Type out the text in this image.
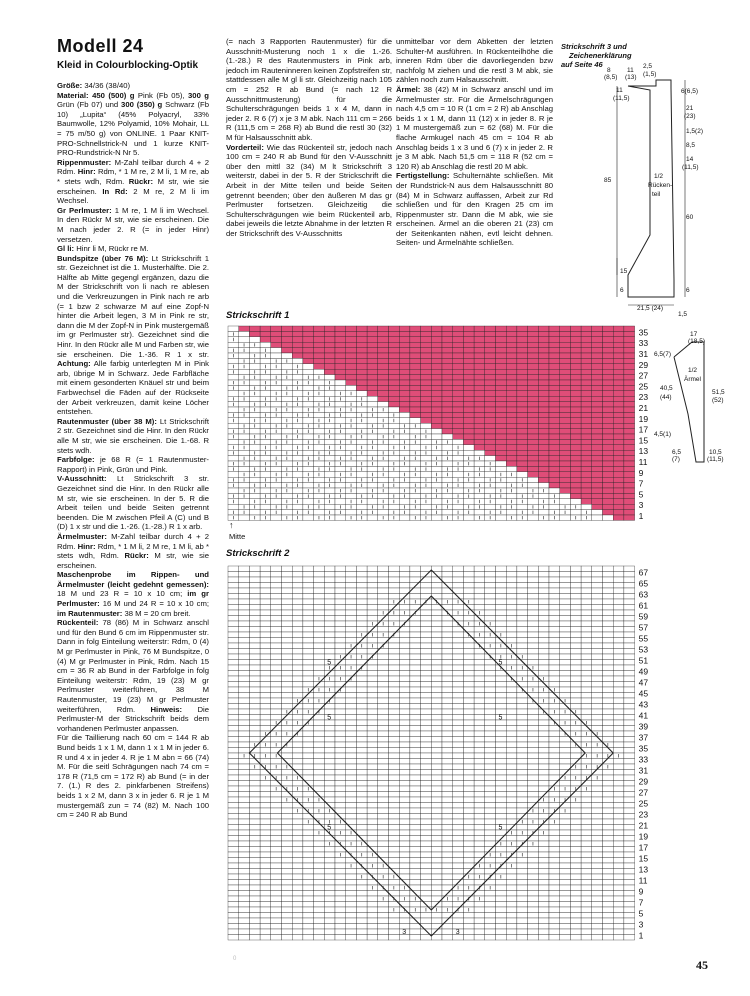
Modell 24
Kleid in Colourblocking-Optik

Größe: 34/36 (38/40)

Material: 450 (500) g Pink (Fb 05), 300 g Grün (Fb 07) und 300 (350) g Schwarz (Fb 10) „Lupita“ (45% Polyacryl, 33% Baumwolle, 12% Polyamid, 10% Mohair, LL = 75 m/50 g) von ONLINE. 1 Paar KNIT-PRO-Schnellstrick-N und 1 kurze KNIT-PRO-Rundstrick-N Nr 5.

Rippenmuster: M-Zahl teilbar durch 4 + 2 Rdm. Hinr: Rdm, * 1 M re, 2 M li, 1 M re, ab * stets wdh, Rdm. Rückr: M str, wie sie erscheinen. In Rd: 2 M re, 2 M li im Wechsel.

Gr Perlmuster: 1 M re, 1 M li im Wechsel. In den Rückr M str, wie sie erscheinen. Die M nach jeder 2. R (= in jeder Hinr) versetzen.

Gl li: Hinr li M, Rückr re M.

Bundspitze (über 76 M): Lt Strickschrift 1 str. Gezeichnet ist die 1. Musterhälfte. Die 2. Hälfte ab Mitte gegengl ergänzen, dazu die M der Strickschrift von li nach re ablesen und die Verkreuzungen in Pink nach re arb (= 1 bzw 2 schwarze M auf eine Zopf-N hinter die Arbeit legen, 3 M in Pink re str, dann die M der Zopf-N in Pink mustergemäß im gr Perlmuster str). Gezeichnet sind die Hinr. In den Rückr alle M und Farben str, wie sie erscheinen. Die 1.-36. R 1 x str. Achtung: Alle farbig unterlegten M in Pink arb, übrige M in Schwarz. Jede Farbfläche mit einem gesonderten Knäuel str und beim Farbwechsel die Fäden auf der Rückseite der Arbeit verkreuzen, damit keine Löcher entstehen.

Rautenmuster (über 38 M): Lt Strickschrift 2 str. Gezeichnet sind die Hinr. In den Rückr alle M str, wie sie erscheinen. Die 1.-68. R stets wdh.

Farbfolge: je 68 R (= 1 Rautenmuster-Rapport) in Pink, Grün und Pink.

V-Ausschnitt: Lt Strickschrift 3 str. Gezeichnet sind die Hinr. In den Rückr alle M str, wie sie erscheinen. In der 5. R die Arbeit teilen und beide Seiten getrennt beenden. Die M zwischen Pfeil A (C) und B (D) 1 x str und die 1.-26. (1.-28.) R 1 x arb.

Ärmelmuster: M-Zahl teilbar durch 4 + 2 Rdm. Hinr: Rdm, * 1 M li, 2 M re, 1 M li, ab * stets wdh, Rdm. Rückr: M str, wie sie erscheinen.

Maschenprobe im Rippen- und Ärmelmuster (leicht gedehnt gemessen): 18 M und 23 R = 10 x 10 cm; im gr Perlmuster: 16 M und 24 R = 10 x 10 cm; im Rautenmuster: 38 M = 20 cm breit.

Rückenteil: 78 (86) M in Schwarz anschl und für den Bund 6 cm im Rippenmuster str. Dann in folg Einteilung weiterstr: Rdm, 0 (4) M gr Perlmuster in Pink, 76 M Bundspitze, 0 (4) M gr Perlmuster in Pink, Rdm. Nach 15 cm = 36 R ab Bund in der Farbfolge in folg Einteilung weiterstr: Rdm, 19 (23) M gr Perlmuster weiterführen, 38 M Rautenmuster, 19 (23) M gr Perlmuster weiterführen, Rdm. Hinweis: Die Perlmuster-M der Strickschrift beids dem vorhandenen Perlmuster anpassen.

Für die Taillierung nach 60 cm = 144 R ab Bund beids 1 x 1 M, dann 1 x 1 M in jeder 6. R und 4 x in jeder 4. R je 1 M abn = 66 (74) M. Für die seitl Schrägungen nach 74 cm = 178 R (71,5 cm = 172 R) ab Bund (= in der 7. (1.) R des 2. pinkfarbenen Streifens) beids 1 x 2 M, dann 3 x in jeder 6. R je 1 M mustergemäß zun = 74 (82) M. Nach 100 cm = 240 R ab Bund

(= nach 3 Rapporten Rautenmuster) für die Ausschnitt-Musterung noch 1 x die 1.-26. (1.-28.) R des Rautenmusters in Pink arb, jedoch im Rauteninneren keinen Zopfstreifen str, stattdessen alle M gl li str. Gleichzeitig nach 105 cm = 252 R ab Bund (= nach 12 R Ausschnittmusterung) für die Schulterschrägungen beids 1 x 4 M, dann in jeder 2. R 6 (7) x je 3 M abk. Nach 111 cm = 266 R (111,5 cm = 268 R) ab Bund die restl 30 (32) M für Halsausschnitt abk.

Vorderteil: Wie das Rückenteil str, jedoch nach 100 cm = 240 R ab Bund für den V-Ausschnitt über den mittl 32 (34) M lt Strickschrift 3 weiterstr, dabei in der 5. R der Strickschrift die Arbeit in der Mitte teilen und beide Seiten getrennt beenden; über den äußeren M das gr Perlmuster fortsetzen. Gleichzeitig die Schulterschrägungen wie beim Rückenteil arb, dabei jeweils die letzte Abnahme in der letzten R der Strickschrift des V-Ausschnitts

unmittelbar vor dem Abketten der letzten Schulter-M ausführen. In Rückenteilhöhe die inneren Rdm über die davorliegenden bzw nachfolg M ziehen und die restl 3 M abk, sie zählen noch zum Halsausschnitt.

Ärmel: 38 (42) M in Schwarz anschl und im Ärmelmuster str. Für die Ärmelschrägungen nach 4,5 cm = 10 R (1 cm = 2 R) ab Anschlag beids 1 x 1 M, dann 11 (12) x in jeder 8. R je 1 M mustergemäß zun = 62 (68) M. Für die flache Armkugel nach 45 cm = 104 R ab Anschlag beids 1 x 3 und 6 (7) x in jeder 2. R je 3 M abk. Nach 51,5 cm = 118 R (52 cm = 120 R) ab Anschlag die restl 20 M abk.

Fertigstellung: Schulternähte schließen. Mit der Rundstrick-N aus dem Halsausschnitt 80 (84) M in Schwarz auffassen, Arbeit zur Rd schließen und für den Kragen 25 cm im Rippenmuster str. Dann die M abk, wie sie erscheinen. Ärmel an die oberen 21 (23) cm der Seitenkanten nähen, evtl leicht dehnen. Seiten- und Ärmelnähte schließen.

Strickschrift 3 und
Zeichenerklärung
auf Seite 46	2,5
8
(8,5)
11
(13) (1,5)
11
(11,5)
6(6,5)
21
(23)
1,5(2)
8,5
14
(11,5)
85
60
15
6	6
21,5 (24)
1,5
1/2
Rücken-
teil
17
(18,5)
6,5(7)
1/2
Ärmel
40,5
(44)
51,5
(52)
4,5(1)
6,5
(7)
10,5
(11,5)
Strickschrift 1
35
33
31
29
27
25
23
21
19
17
15
13
11
9
7
5
3
1
↑
Mitte
Strickschrift 2
5	5
5	5
5	5
3	3
67
65
63
61
59
57
55
53
51
49
47
45
43
41
39
37
35
33
31
29
27
25
23
21
19
17
15
13
11
9
7
5
3
1
45
0
